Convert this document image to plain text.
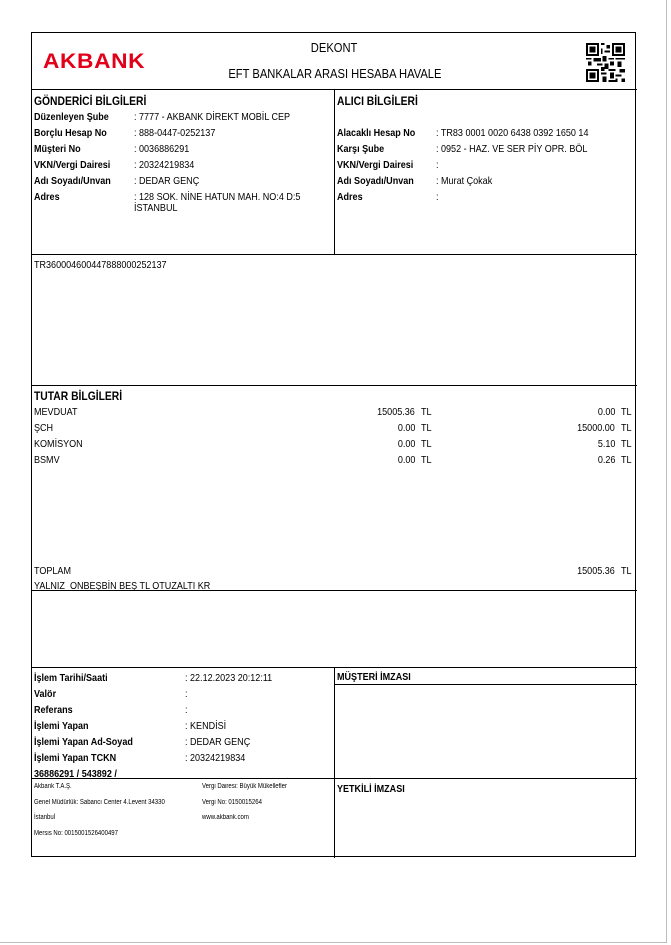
AKBANK
DEKONT
EFT BANKALAR ARASI HESABA HAVALE
GÖNDERİCİ BİLGİLERİ
Düzenleyen Şube : 7777 - AKBANK DİREKT MOBİL CEP
Borçlu Hesap No	: 888-0447-0252137
Müşteri No	: 0036886291
VKN/Vergi Dairesi : 20324219834
Adı Soyadı/Unvan : DEDAR GENÇ
Adres	: 128 SOK. NİNE HATUN MAH. NO:4 D:5
İSTANBUL
ALICI BİLGİLERİ
Alacaklı Hesap No : TR83 0001 0020 6438 0392 1650 14
Karşı Şube	: 0952 - HAZ. VE SER PİY OPR. BÖL
VKN/Vergi Dairesi :
Adı Soyadı/Unvan : Murat Çokak
Adres	:
TR360004600447888000252137
TUTAR BİLGİLERİ
MEVDUAT	15005.36 TL	0.00 TL
ŞCH	0.00 TL	15000.00 TL
KOMİSYON	0.00 TL	5.10 TL
BSMV	0.00 TL	0.26 TL
TOPLAM	15005.36 TL
YALNIZ  ONBEŞBİN BEŞ TL OTUZALTI KR
İşlem Tarihi/Saati	: 22.12.2023 20:12:11
Valör	:
Referans	:
İşlemi Yapan	: KENDİSİ
İşlemi Yapan Ad-Soyad	: DEDAR GENÇ
İşlemi Yapan TCKN	: 20324219834
36886291 / 543892 /
MÜŞTERİ İMZASI
YETKİLİ İMZASI
Akbank T.A.Ş.
Genel Müdürlük: Sabancı Center 4.Levent 34330
İstanbul
Mersis No: 0015001526400497
Vergi Dairesi: Büyük Mükellefler
Vergi No: 0150015264
www.akbank.com
